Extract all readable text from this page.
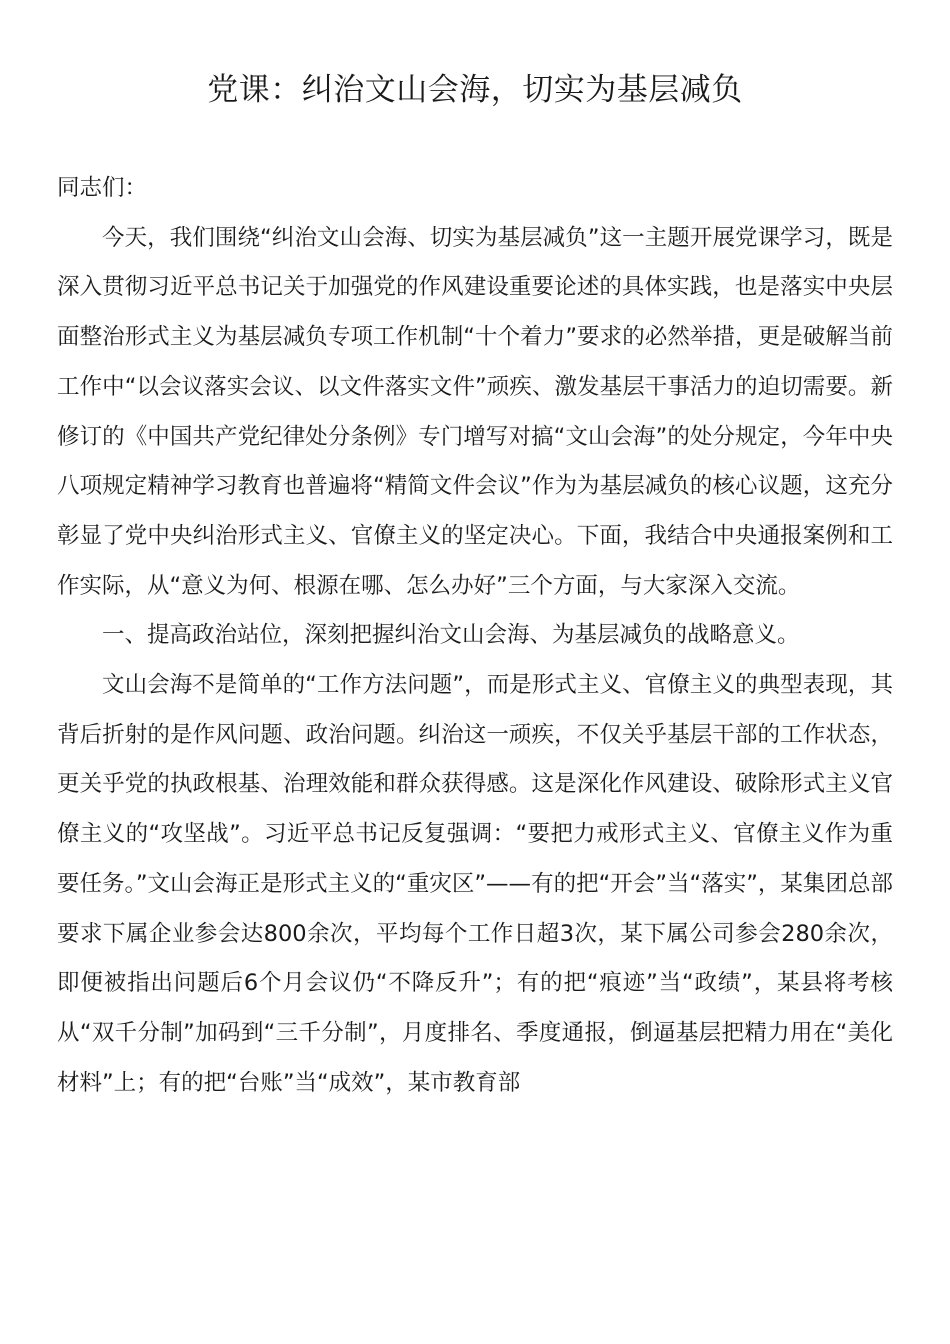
党课：纠治文山会海，切实为基层减负

同志们：

今天，我们围绕“纠治文山会海、切实为基层减负”这一主题开展党课学习，既是深入贯彻习近平总书记关于加强党的作风建设重要论述的具体实践，也是落实中央层面整治形式主义为基层减负专项工作机制“十个着力”要求的必然举措，更是破解当前工作中“以会议落实会议、以文件落实文件”顽疾、激发基层干事活力的迫切需要。新修订的《中国共产党纪律处分条例》专门增写对搞“文山会海”的处分规定，今年中央八项规定精神学习教育也普遍将“精简文件会议”作为为基层减负的核心议题，这充分彰显了党中央纠治形式主义、官僚主义的坚定决心。下面，我结合中央通报案例和工作实际，从“意义为何、根源在哪、怎么办好”三个方面，与大家深入交流。

一、提高政治站位，深刻把握纠治文山会海、为基层减负的战略意义。

文山会海不是简单的“工作方法问题”，而是形式主义、官僚主义的典型表现，其背后折射的是作风问题、政治问题。纠治这一顽疾，不仅关乎基层干部的工作状态，更关乎党的执政根基、治理效能和群众获得感。这是深化作风建设、破除形式主义官僚主义的“攻坚战”。习近平总书记反复强调：“要把力戒形式主义、官僚主义作为重要任务。”文山会海正是形式主义的“重灾区”——有的把“开会”当“落实”，某集团总部要求下属企业参会达800余次，平均每个工作日超3次，某下属公司参会280余次，即便被指出问题后6个月会议仍“不降反升”；有的把“痕迹”当“政绩”，某县将考核从“双千分制”加码到“三千分制”，月度排名、季度通报，倒逼基层把精力用在“美化材料”上；有的把“台账”当“成效”，某市教育部
